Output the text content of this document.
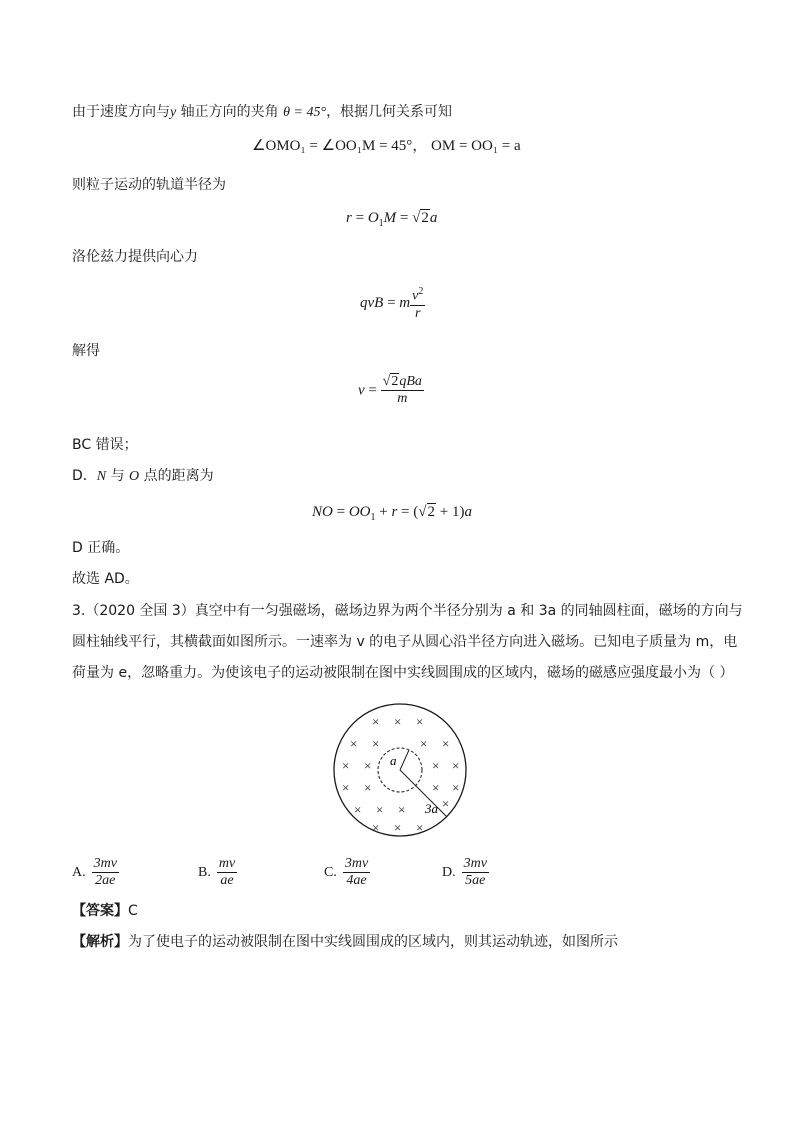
由于速度方向与y 轴正方向的夹角 θ = 45°，根据几何关系可知
∠OMO₁ = ∠OO₁M = 45°， OM = OO₁ = a
则粒子运动的轨道半径为
$r = O_1M = √2a$
洛伦兹力提供向心力
qvB = m $\frac{v^2}{r}$
解得
$v = \frac{\text{√2qBa}}{m}$
BC 错误；
D．N 与 O 点的距离为
NO = $OO_1 + r = (√2 + 1)a$
D 正确。
故选 AD。
3.（2020 全国 3）真空中有一匀强磁场，磁场边界为两个半径分别为 a 和 3a 的同轴圆柱面，磁场的方向与
圆柱轴线平行，其横截面如图所示。一速率为 v 的电子从圆心沿半径方向进入磁场。已知电子质量为 m，电
荷量为 e，忽略重力。为使该电子的运动被限制在图中实线圆围成的区域内，磁场的磁感应强度最小为（ ）
a
3a
× × ×
× ×	× ×
× ×	× ×
× ×	× ×
× × ×	×
× × ×
A. $\frac{3mv}{2ae}$	B. $\frac{mv}{ae}$	C. $\frac{3mv}{4ae}$	D. $\frac{3mv}{5ae}$
【答案】C
【解析】为了使电子的运动被限制在图中实线圆围成的区域内，则其运动轨迹，如图所示
